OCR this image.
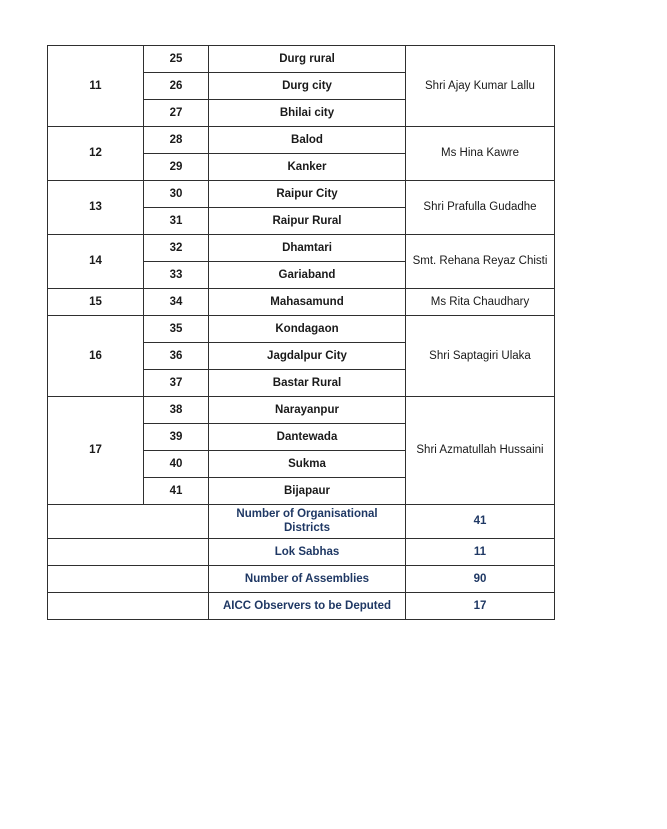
11	25	Durg rural	Shri Ajay Kumar Lallu
	26	Durg city	
	27	Bhilai city	
12	28	Balod	Ms Hina Kawre
	29	Kanker	
13	30	Raipur City	Shri Prafulla Gudadhe
	31	Raipur Rural	
14	32	Dhamtari	Smt. Rehana Reyaz Chisti
	33	Gariaband	
15	34	Mahasamund	Ms Rita Chaudhary
16	35	Kondagaon	Shri Saptagiri Ulaka
	36	Jagdalpur City	
	37	Bastar Rural	
17	38	Narayanpur	Shri Azmatullah Hussaini
	39	Dantewada	
	40	Sukma	
	41	Bijapaur	
		Number of Organisational Districts	41
		Lok Sabhas	11
		Number of Assemblies	90
		AICC Observers to be Deputed	17
